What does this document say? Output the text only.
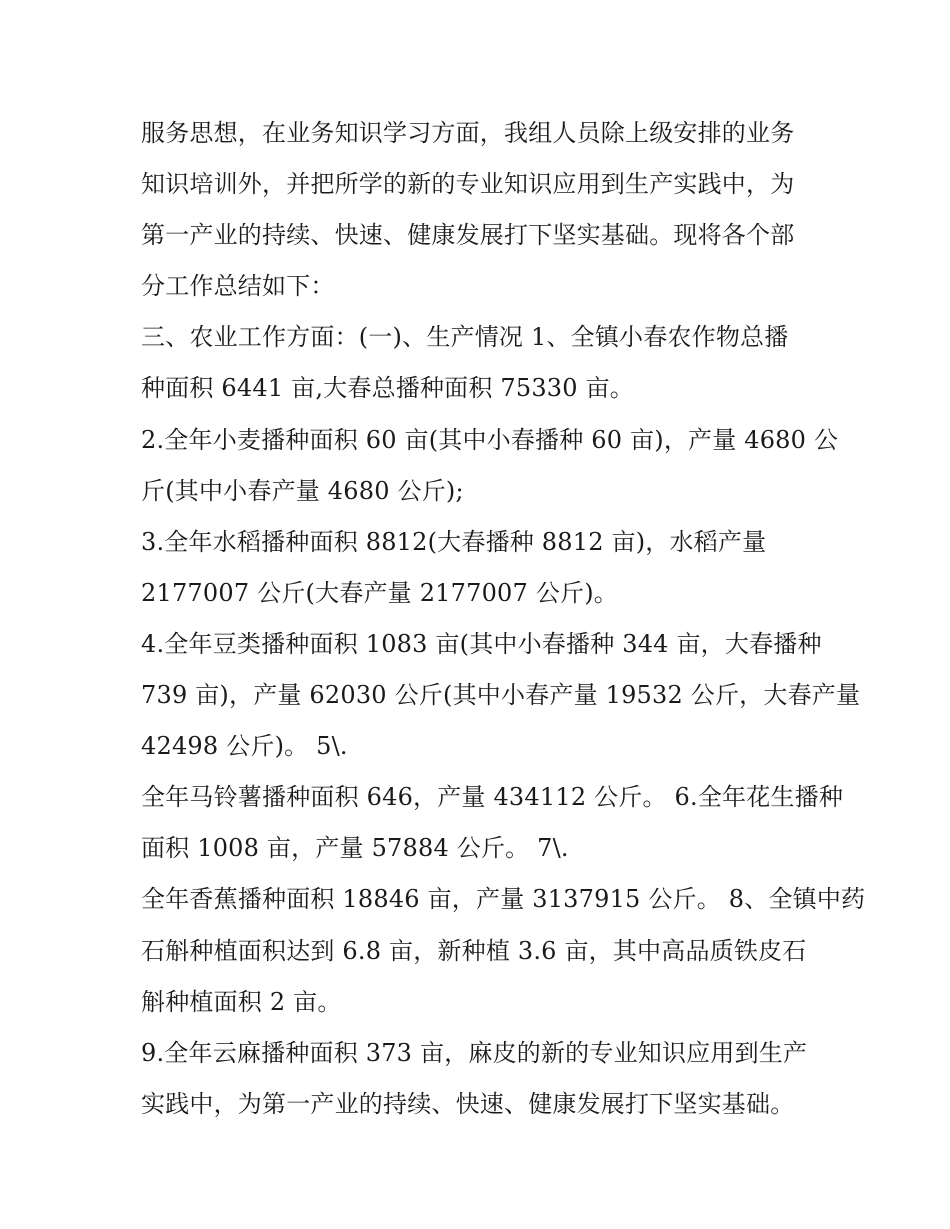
服务思想，在业务知识学习方面，我组人员除上级安排的业务
知识培训外，并把所学的新的专业知识应用到生产实践中，为
第一产业的持续、快速、健康发展打下坚实基础。现将各个部
分工作总结如下：
三、农业工作方面：(一)、生产情况 1、全镇小春农作物总播
种面积 6441 亩,大春总播种面积 75330 亩。
2.全年小麦播种面积 60 亩(其中小春播种 60 亩)，产量 4680 公
斤(其中小春产量 4680 公斤);
3.全年水稻播种面积 8812(大春播种 8812 亩)，水稻产量
2177007 公斤(大春产量 2177007 公斤)。
4.全年豆类播种面积 1083 亩(其中小春播种 344 亩，大春播种
739 亩)，产量 62030 公斤(其中小春产量 19532 公斤，大春产量
42498 公斤)。 5\.
全年马铃薯播种面积 646，产量 434112 公斤。 6.全年花生播种
面积 1008 亩，产量 57884 公斤。 7\.
全年香蕉播种面积 18846 亩，产量 3137915 公斤。 8、全镇中药
石斛种植面积达到 6.8 亩，新种植 3.6 亩，其中高品质铁皮石
斛种植面积 2 亩。
9.全年云麻播种面积 373 亩，麻皮的新的专业知识应用到生产
实践中，为第一产业的持续、快速、健康发展打下坚实基础。
